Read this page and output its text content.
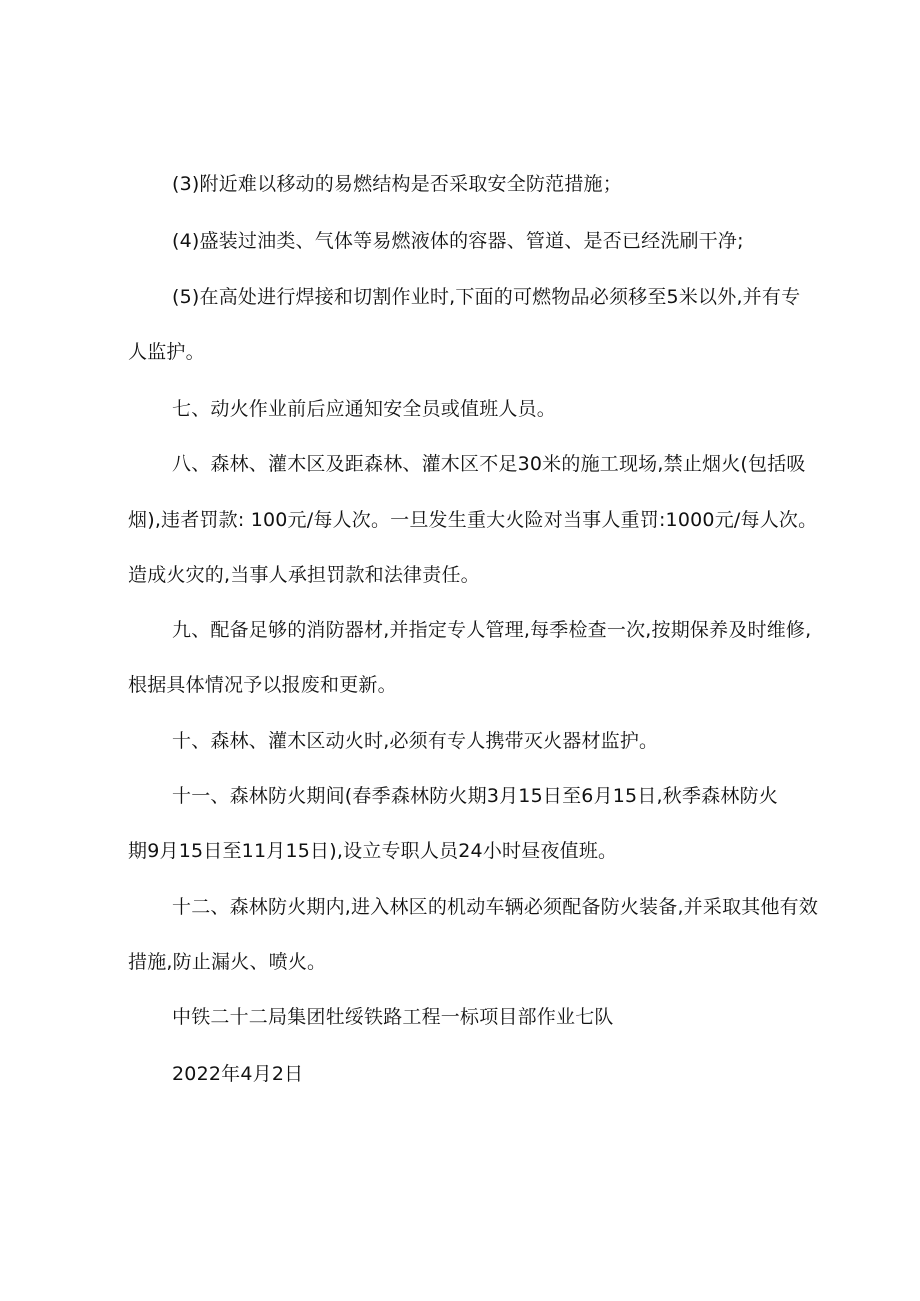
(3)附近难以移动的易燃结构是否采取安全防范措施；
(4)盛装过油类、气体等易燃液体的容器、管道、是否已经洗刷干净;
(5)在高处进行焊接和切割作业时,下面的可燃物品必须移至5米以外,并有专
人监护。
七、动火作业前后应通知安全员或值班人员。
八、森林、灌木区及距森林、灌木区不足30米的施工现场,禁止烟火(包括吸
烟),违者罚款: 100元/每人次。一旦发生重大火险对当事人重罚:1000元/每人次。
造成火灾的,当事人承担罚款和法律责任。
九、配备足够的消防器材,并指定专人管理,每季检查一次,按期保养及时维修,
根据具体情况予以报废和更新。
十、森林、灌木区动火时,必须有专人携带灭火器材监护。
十一、森林防火期间(春季森林防火期3月15日至6月15日,秋季森林防火
期9月15日至11月15日),设立专职人员24小时昼夜值班。
十二、森林防火期内,进入林区的机动车辆必须配备防火装备,并采取其他有效
措施,防止漏火、喷火。
中铁二十二局集团牡绥铁路工程一标项目部作业七队
2022年4月2日
